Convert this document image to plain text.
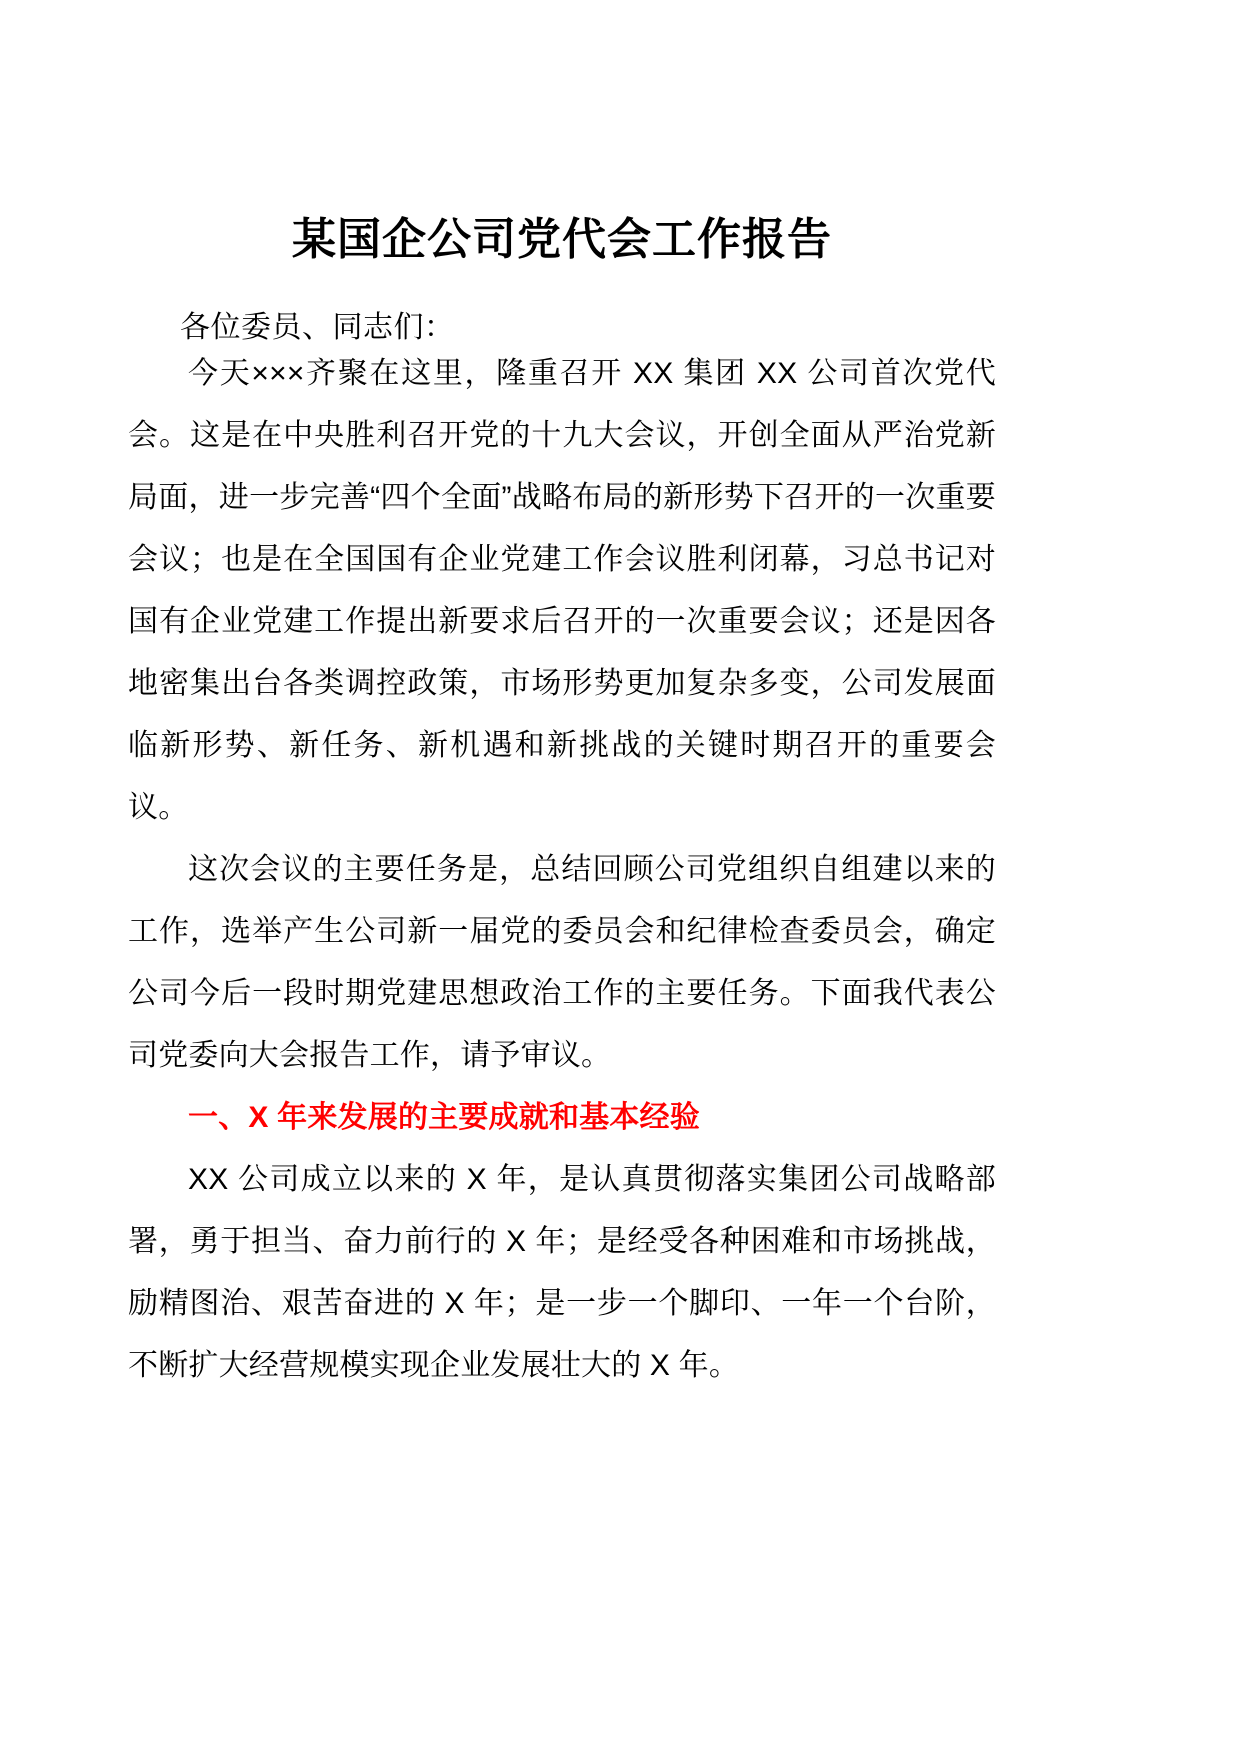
某国企公司党代会工作报告

各位委员、同志们：

今天×××齐聚在这里，隆重召开 XX 集团 XX 公司首次党代会。这是在中央胜利召开党的十九大会议，开创全面从严治党新局面，进一步完善“四个全面”战略布局的新形势下召开的一次重要会议；也是在全国国有企业党建工作会议胜利闭幕，习总书记对国有企业党建工作提出新要求后召开的一次重要会议；还是因各地密集出台各类调控政策，市场形势更加复杂多变，公司发展面临新形势、新任务、新机遇和新挑战的关键时期召开的重要会议。

这次会议的主要任务是，总结回顾公司党组织自组建以来的工作，选举产生公司新一届党的委员会和纪律检查委员会，确定公司今后一段时期党建思想政治工作的主要任务。下面我代表公司党委向大会报告工作，请予审议。

一、X 年来发展的主要成就和基本经验

XX 公司成立以来的 X 年，是认真贯彻落实集团公司战略部署，勇于担当、奋力前行的 X 年；是经受各种困难和市场挑战，励精图治、艰苦奋进的 X 年；是一步一个脚印、一年一个台阶，不断扩大经营规模实现企业发展壮大的 X 年。
